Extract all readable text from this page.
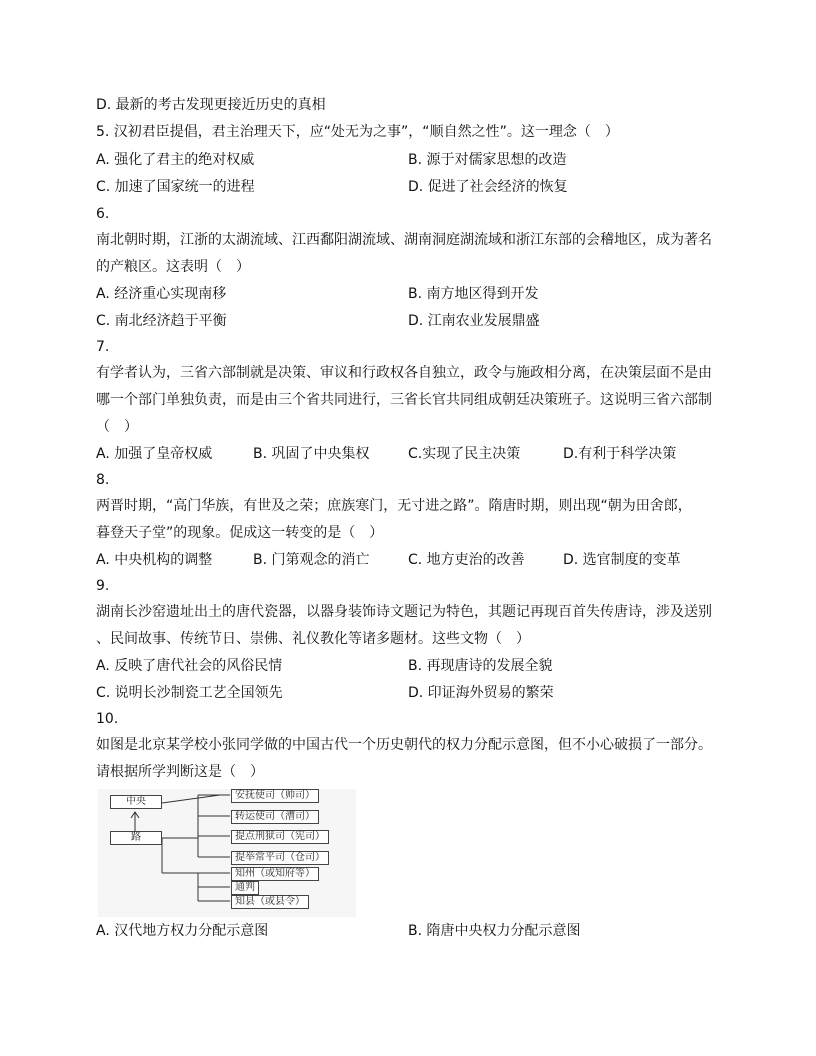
D. 最新的考古发现更接近历史的真相
5. 汉初君臣提倡，君主治理天下，应“处无为之事”，“顺自然之性”。这一理念（　）
A. 强化了君主的绝对权威	B. 源于对儒家思想的改造
C. 加速了国家统一的进程	D. 促进了社会经济的恢复
6.
南北朝时期，江浙的太湖流域、江西鄱阳湖流域、湖南洞庭湖流域和浙江东部的会稽地区，成为著名
的产粮区。这表明（　）
A. 经济重心实现南移	B. 南方地区得到开发
C. 南北经济趋于平衡	D. 江南农业发展鼎盛
7.
有学者认为，三省六部制就是决策、审议和行政权各自独立，政令与施政相分离，在决策层面不是由
哪一个部门单独负责，而是由三个省共同进行，三省长官共同组成朝廷决策班子。这说明三省六部制
（　）
A. 加强了皇帝权威	B. 巩固了中央集权	C.实现了民主决策	D.有利于科学决策
8.
两晋时期，“高门华族，有世及之荣；庶族寒门，无寸进之路”。隋唐时期，则出现“朝为田舍郎，
暮登天子堂”的现象。促成这一转变的是（　）
A. 中央机构的调整	B. 门第观念的消亡	C. 地方吏治的改善	D. 选官制度的变革
9.
湖南长沙窑遗址出土的唐代瓷器，以器身装饰诗文题记为特色，其题记再现百首失传唐诗，涉及送别
、民间故事、传统节日、崇佛、礼仪教化等诸多题材。这些文物（　）
A. 反映了唐代社会的风俗民情	B. 再现唐诗的发展全貌
C. 说明长沙制瓷工艺全国领先	D. 印证海外贸易的繁荣
10.
如图是北京某学校小张同学做的中国古代一个历史朝代的权力分配示意图，但不小心破损了一部分。
请根据所学判断这是（　）
中央
路
安抚使司（帅司）
转运使司（漕司）
提点刑狱司（宪司）
提举常平司（仓司）
知州（或知府等）
通判
知县（或县令）
A. 汉代地方权力分配示意图	B. 隋唐中央权力分配示意图
